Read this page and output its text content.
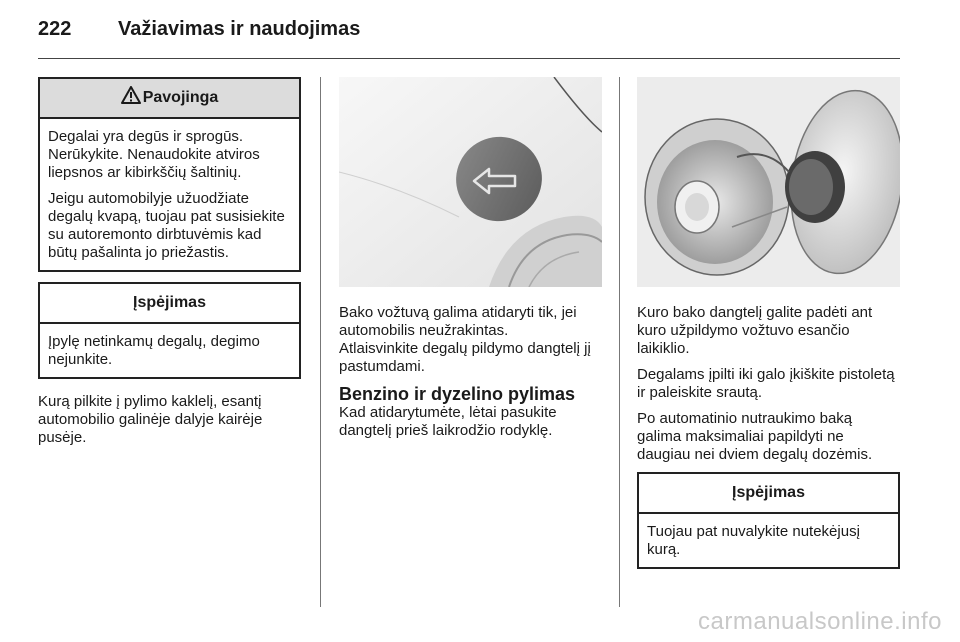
222 Važiavimas ir naudojimas
Pavojinga

Degalai yra degūs ir sprogūs. Nerūkykite. Nenaudokite atviros liepsnos ar kibirkščių šaltinių.

Jeigu automobilyje užuodžiate degalų kvapą, tuojau pat susisiekite su autoremonto dirbtuvėmis kad būtų pašalinta jo priežastis.

Įspėjimas

Įpylę netinkamų degalų, degimo nejunkite.

Kurą pilkite į pylimo kaklelį, esantį automobilio galinėje dalyje kairėje pusėje.

Bako vožtuvą galima atidaryti tik, jei automobilis neužrakintas.

Atlaisvinkite degalų pildymo dangtelį jį pastumdami.

Benzino ir dyzelino pylimas

Kad atidarytumėte, lėtai pasukite dangtelį prieš laikrodžio rodyklę.

Kuro bako dangtelį galite padėti ant kuro užpildymo vožtuvo esančio laikiklio.

Degalams įpilti iki galo įkiškite pistoletą ir paleiskite srautą.

Po automatinio nutraukimo baką galima maksimaliai papildyti ne daugiau nei dviem degalų dozėmis.

Įspėjimas

Tuojau pat nuvalykite nutekėjusį kurą.

carmanualsonline.info
